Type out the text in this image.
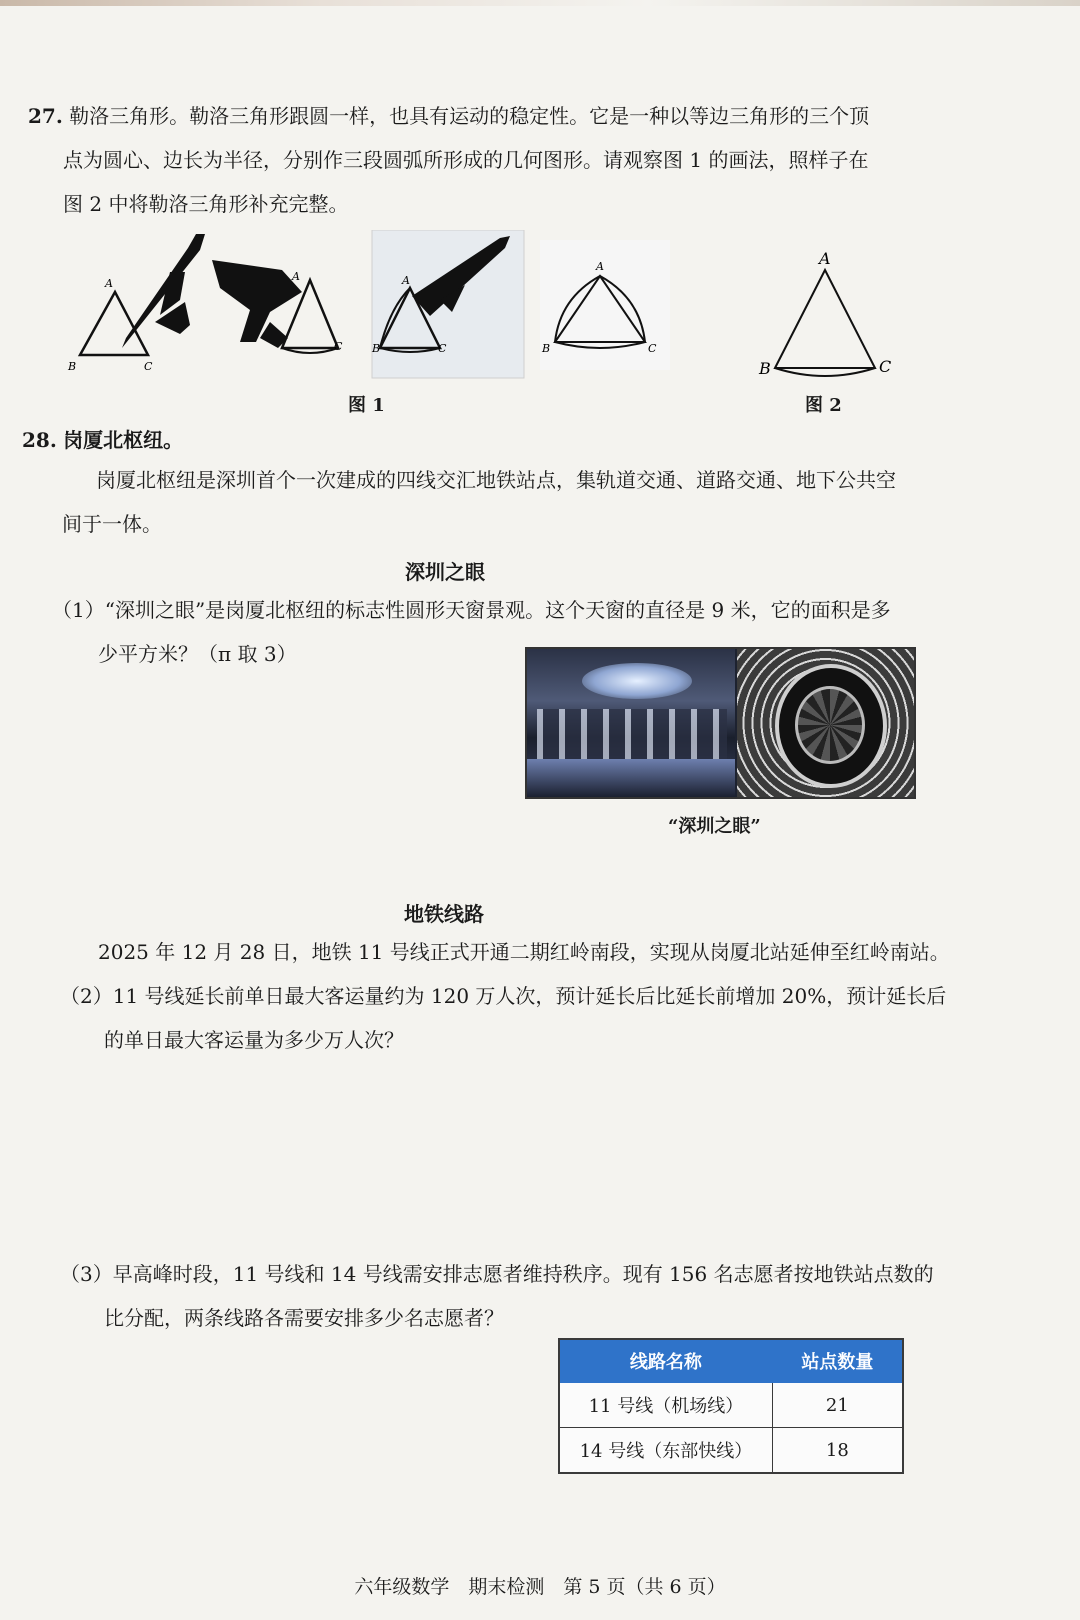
27. 勒洛三角形。勒洛三角形跟圆一样，也具有运动的稳定性。它是一种以等边三角形的三个顶
点为圆心、边长为半径，分别作三段圆弧所形成的几何图形。请观察图 1 的画法，照样子在
图 2 中将勒洛三角形补充完整。
B
A
C
A
C
A
B	C
A
B	C
图 1
A
B	C
图 2
28. 岗厦北枢纽。
岗厦北枢纽是深圳首个一次建成的四线交汇地铁站点，集轨道交通、道路交通、地下公共空
间于一体。
深圳之眼
（1）“深圳之眼”是岗厦北枢纽的标志性圆形天窗景观。这个天窗的直径是 9 米，它的面积是多
少平方米？（π 取 3）
“深圳之眼”
地铁线路
2025 年 12 月 28 日，地铁 11 号线正式开通二期红岭南段，实现从岗厦北站延伸至红岭南站。
（2）11 号线延长前单日最大客运量约为 120 万人次，预计延长后比延长前增加 20%，预计延长后
的单日最大客运量为多少万人次？
（3）早高峰时段，11 号线和 14 号线需安排志愿者维持秩序。现有 156 名志愿者按地铁站点数的
比分配，两条线路各需要安排多少名志愿者？
线路名称	站点数量
11 号线（机场线）	21
14 号线（东部快线）	18
六年级数学　期末检测　第 5 页（共 6 页）
